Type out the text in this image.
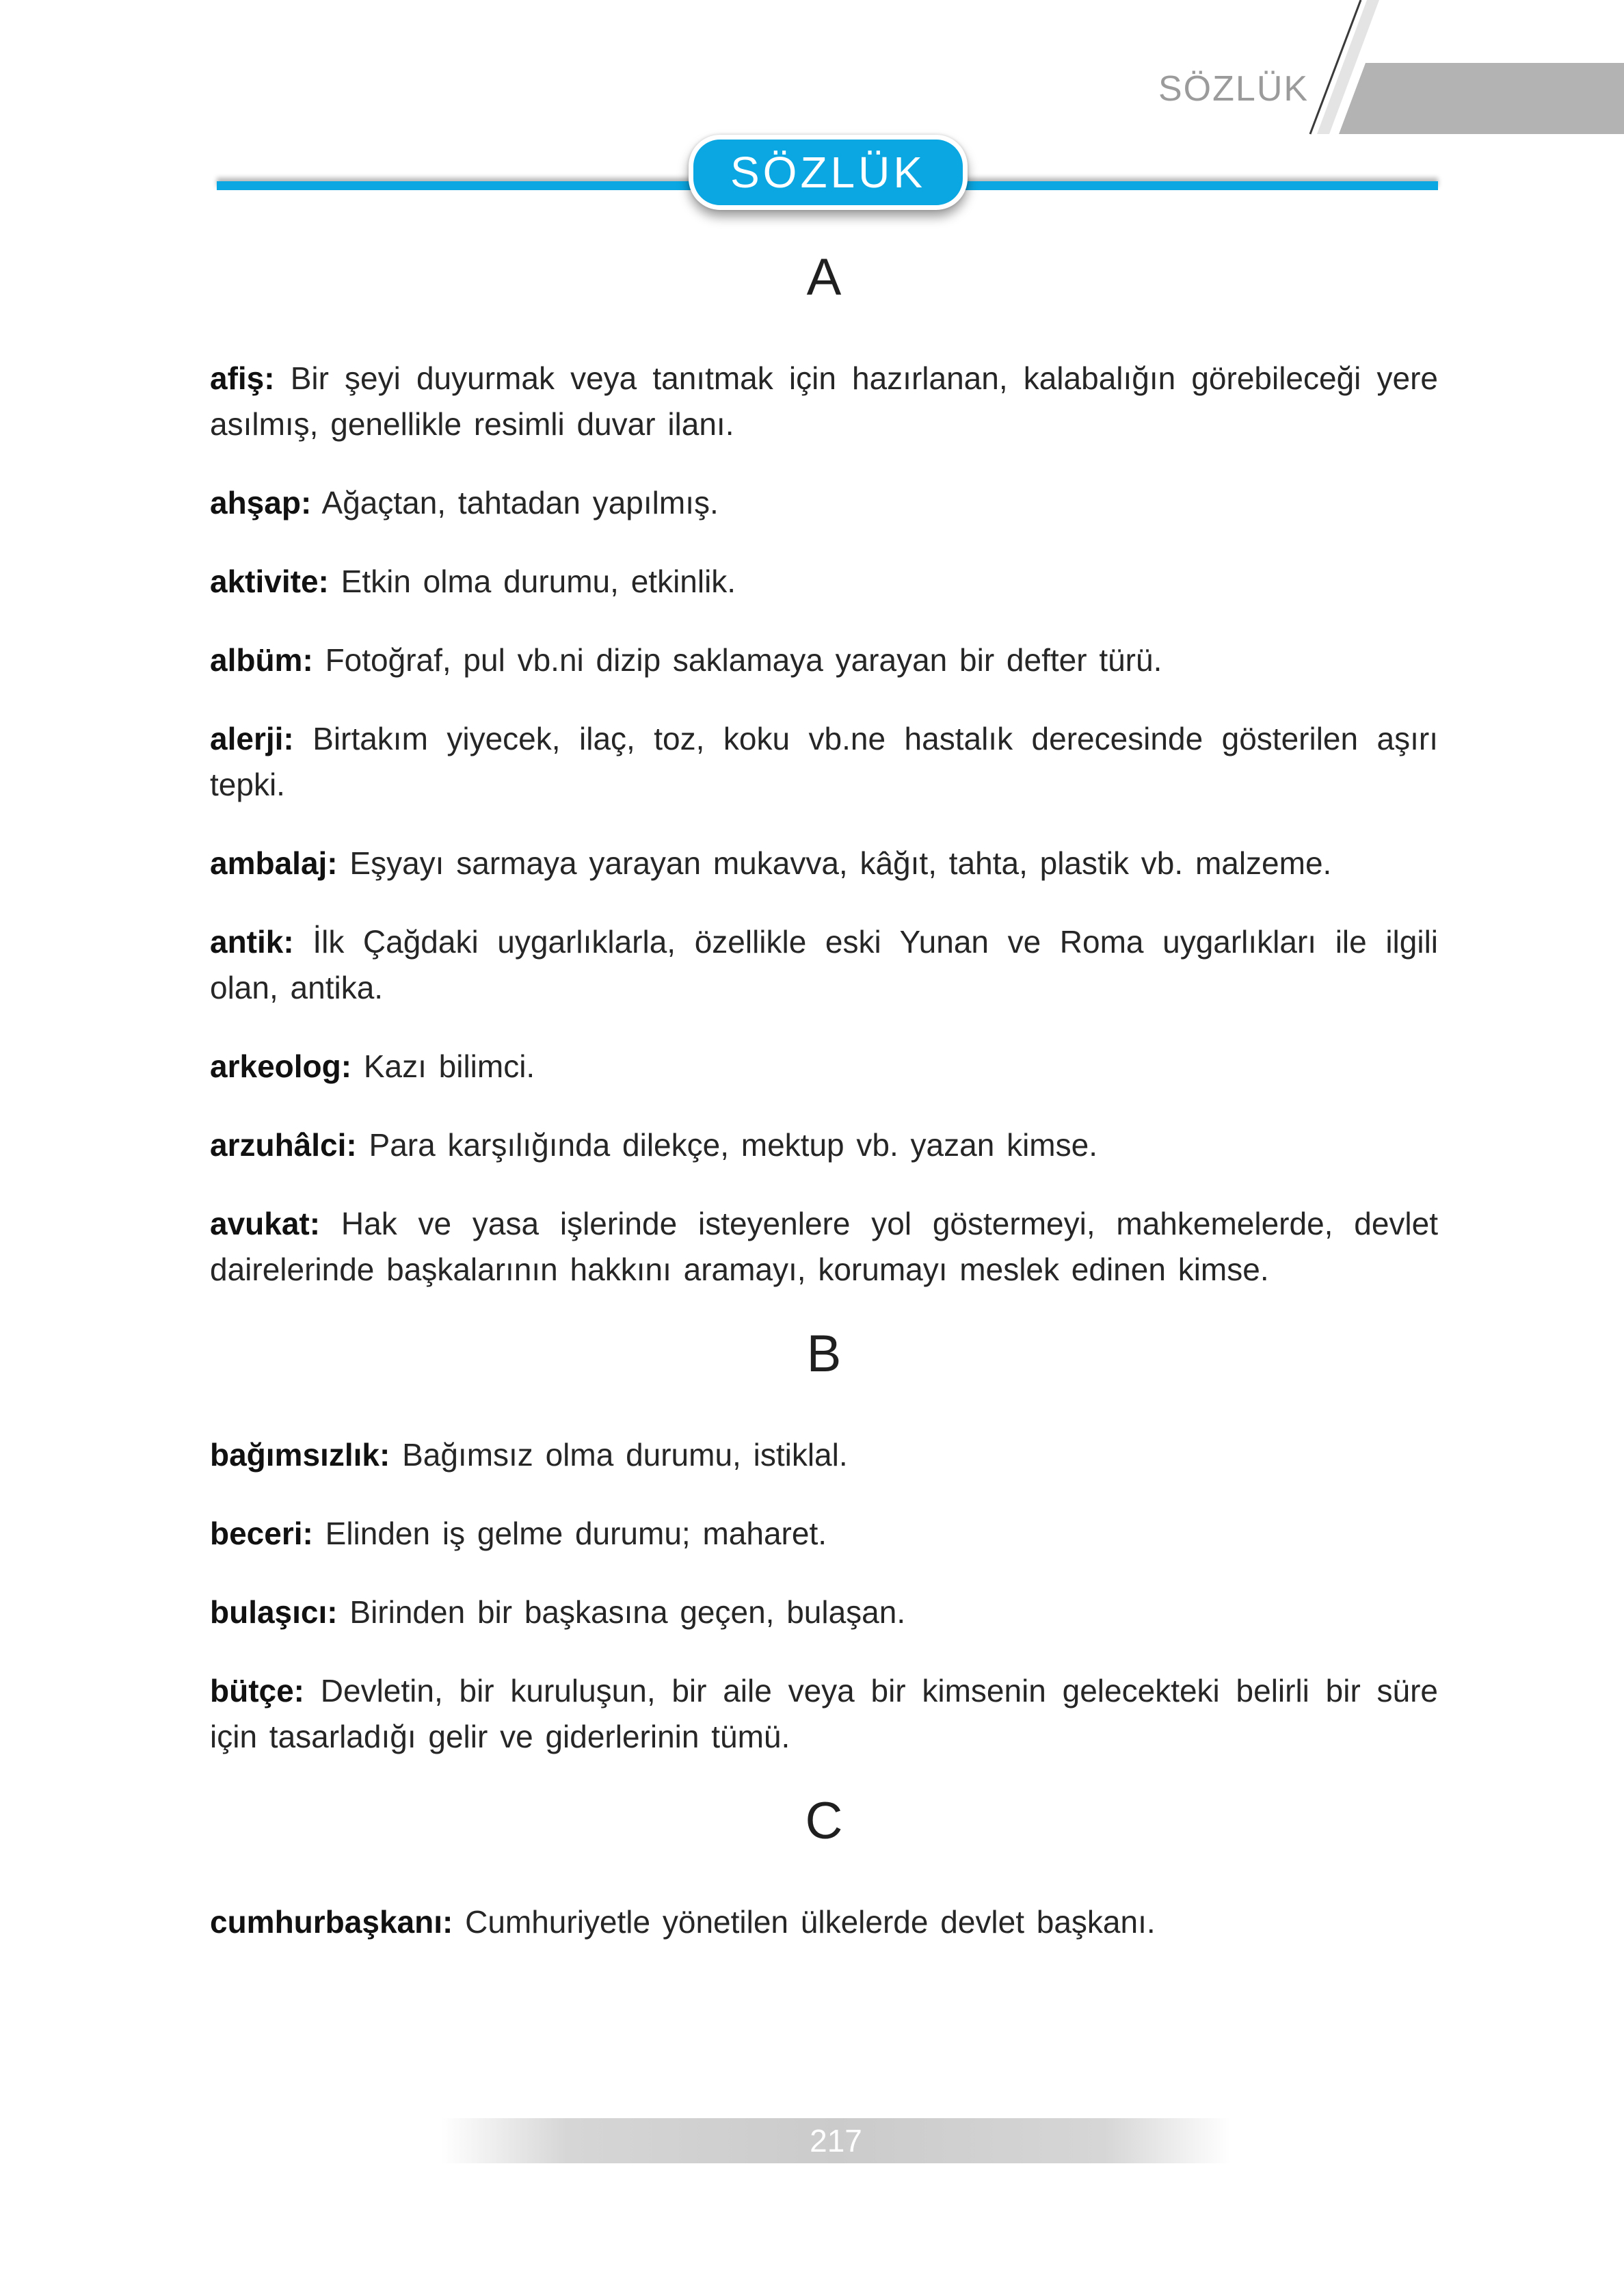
SÖZLÜK
SÖZLÜK
A

afiş: Bir şeyi duyurmak veya tanıtmak için hazırlanan, kalabalığın görebileceği yere asılmış, genellikle resimli duvar ilanı.

ahşap: Ağaçtan, tahtadan yapılmış.

aktivite: Etkin olma durumu, etkinlik.

albüm: Fotoğraf, pul vb.ni dizip saklamaya yarayan bir defter türü.

alerji: Birtakım yiyecek, ilaç, toz, koku vb.ne hastalık derecesinde gösterilen aşırı tepki.

ambalaj: Eşyayı sarmaya yarayan mukavva, kâğıt, tahta, plastik vb. malzeme.

antik: İlk Çağdaki uygarlıklarla, özellikle eski Yunan ve Roma uygarlıkları ile ilgili olan, antika.

arkeolog: Kazı bilimci.

arzuhâlci: Para karşılığında dilekçe, mektup vb. yazan kimse.

avukat: Hak ve yasa işlerinde isteyenlere yol göstermeyi, mahkemelerde, devlet dairelerinde başkalarının hakkını aramayı, korumayı meslek edinen kimse.

B

bağımsızlık: Bağımsız olma durumu, istiklal.

beceri: Elinden iş gelme durumu; maharet.

bulaşıcı: Birinden bir başkasına geçen, bulaşan.

bütçe: Devletin, bir kuruluşun, bir aile veya bir kimsenin gelecekteki belirli bir süre için tasarladığı gelir ve giderlerinin tümü.

C

cumhurbaşkanı: Cumhuriyetle yönetilen ülkelerde devlet başkanı.

217
